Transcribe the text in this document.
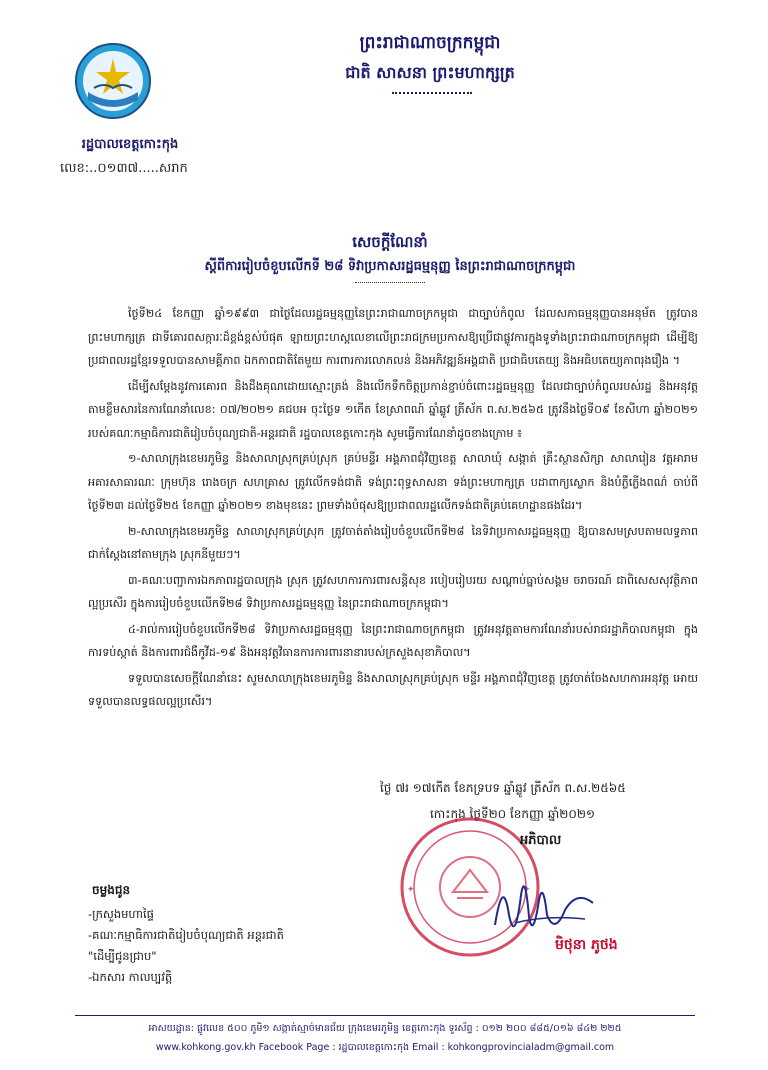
ព្រះរាជាណាចក្រកម្ពុជា
ជាតិ សាសនា ព្រះមហាក្សត្រ
រដ្ឋបាលខេត្តកោះកុង
លេខ:..០១៣៧.....សរាក
សេចក្តីណែនាំ
ស្តីពីការរៀបចំខួបលើកទី ២៨ ទិវាប្រកាសរដ្ឋធម្មនុញ្ញ នៃព្រះរាជាណាចក្រកម្ពុជា

ថ្ងៃទី២៤ ខែកញ្ញា ឆ្នាំ១៩៩៣ ជាថ្ងៃដែលរដ្ឋធម្មនុញ្ញនៃព្រះរាជាណាចក្រកម្ពុជា ជាច្បាប់កំពូល ដែលសភាធម្មនុញ្ញបានអនុម័ត ត្រូវបានព្រះមហាក្សត្រ ជាទីគោរពសក្ការៈដ៏ខ្ពង់ខ្ពស់បំផុត ឡាយព្រះហស្តលេខាលើព្រះរាជក្រមប្រកាសឱ្យប្រើជាផ្លូវការក្នុងទូទាំងព្រះរាជាណាចក្រកម្ពុជា ដើម្បីឱ្យប្រជាពលរដ្ឋខ្មែរទទួលបានសាមគ្គីភាព ឯកភាពជាតិតែមួយ ការពារការលោភលន់ និងអភិវឌ្ឍន៍អង្គជាតិ ប្រជាធិបតេយ្យ និងអធិបតេយ្យភាពរុងរឿង ។

ដើម្បីសម្តែងនូវការគោរព និងដឹងគុណដោយស្មោះត្រង់ និងលើកទឹកចិត្តប្រកាន់ខ្ជាប់ចំពោះរដ្ឋធម្មនុញ្ញ ដែលជាច្បាប់កំពូលរបស់រដ្ឋ និងអនុវត្តតាមខ្លឹមសារនៃការណែនាំលេខ: ០៧/២០២១ គជបអ ចុះថ្ងៃទ ១កើត ខែស្រាពណ៍ ឆ្នាំឆ្លូវ ត្រីស័ក ព.ស.២៥៦៥ ត្រូវនឹងថ្ងៃទី០៩ ខែសីហា ឆ្នាំ២០២១ របស់គណៈកម្មាធិការជាតិរៀបចំបុណ្យជាតិ-អន្តរជាតិ រដ្ឋបាលខេត្តកោះកុង សូមធ្វើការណែនាំដូចខាងក្រោម ៖

១-សាលាក្រុងខេមរភូមិន្ទ និងសាលាស្រុកគ្រប់ស្រុក គ្រប់មន្ទីរ អង្គភាពជុំវិញខេត្ត សាលាឃុំ សង្កាត់ គ្រឹះស្ថានសិក្សា សាលារៀន វត្តអារាម អគារសាធារណៈ ក្រុមហ៊ុន រោងចក្រ សហគ្រាស ត្រូវលើកទង់ជាតិ ទង់ព្រះពុទ្ធសាសនា ទង់ព្រះមហាក្សត្រ បដាពាក្យស្លោក និងបំភ្លឺភ្លើងពណ៌ ចាប់ពីថ្ងៃទី២៣ ដល់ថ្ងៃទី២៥ ខែកញ្ញា ឆ្នាំ២០២១ ខាងមុខនេះ ព្រមទាំងបំផុសឱ្យប្រជាពលរដ្ឋលើកទង់ជាតិគ្រប់គេហដ្ឋានផងដែរ។

២-សាលាក្រុងខេមរភូមិន្ទ សាលាស្រុកគ្រប់ស្រុក ត្រូវចាត់តាំងរៀបចំខួបលើកទី២៨ នៃទិវាប្រកាសរដ្ឋធម្មនុញ្ញ ឱ្យបានសមស្របតាមលទ្ធភាពជាក់ស្តែងនៅតាមក្រុង ស្រុកនីមួយៗ។

៣-គណៈបញ្ជាការឯកភាពរដ្ឋបាលក្រុង ស្រុក ត្រូវសហការការពារសន្តិសុខ របៀបរៀបរយ សណ្តាប់ធ្នាប់សង្គម ចរាចរណ៍ ជាពិសេសសុវត្ថិភាពល្អប្រសើរ ក្នុងការរៀបចំខួបលើកទី២៨ ទិវាប្រកាសរដ្ឋធម្មនុញ្ញ នៃព្រះរាជាណាចក្រកម្ពុជា។

៤-រាល់ការរៀបចំខួបលើកទី២៨ ទិវាប្រកាសរដ្ឋធម្មនុញ្ញ នៃព្រះរាជាណាចក្រកម្ពុជា ត្រូវអនុវត្តតាមការណែនាំរបស់រាជរដ្ឋាភិបាលកម្ពុជា ក្នុងការទប់ស្កាត់ និងការពារជំងឺកូវីដ-១៩ និងអនុវត្តវិធានការការពារនានារបស់ក្រសួងសុខាភិបាល។

ទទួលបានសេចក្តីណែនាំនេះ សូមសាលាក្រុងខេមរភូមិន្ទ និងសាលាស្រុកគ្រប់ស្រុក មន្ទីរ អង្គភាពជុំវិញខេត្ត ត្រូវចាត់ចែងសហការអនុវត្ត អោយទទួលបានលទ្ធផលល្អប្រសើរ។

ថ្ងៃ ៧រ ១៧កើត ខែភទ្របទ ឆ្នាំឆ្លូវ ត្រីស័ក ព.ស.២៥៦៥
កោះកុង ថ្ងៃទី២០ ខែកញ្ញា ឆ្នាំ២០២១
✦	✦
អភិបាល
មិថុនា ភូថង
ចម្លងជូន
-ក្រសួងមហាផ្ទៃ
-គណៈកម្មាធិការជាតិរៀបចំបុណ្យជាតិ អន្តរជាតិ
"ដើម្បីជូនជ្រាប"
-ឯកសារ កាលប្បវត្តិ
អាសយដ្ឋាន: ផ្លូវលេខ ៥០០ ភូមិ១ សង្កាត់ស្មាច់មានជ័យ ក្រុងខេមរភូមិន្ទ ខេត្តកោះកុង ទូរស័ព្ទ : ០១២ ២០០ ៨៨៥/០១៦ ៨៤២ ២២៥
www.kohkong.gov.kh Facebook Page : រដ្ឋបាលខេត្តកោះកុង Email : kohkongprovincialadm@gmail.com
